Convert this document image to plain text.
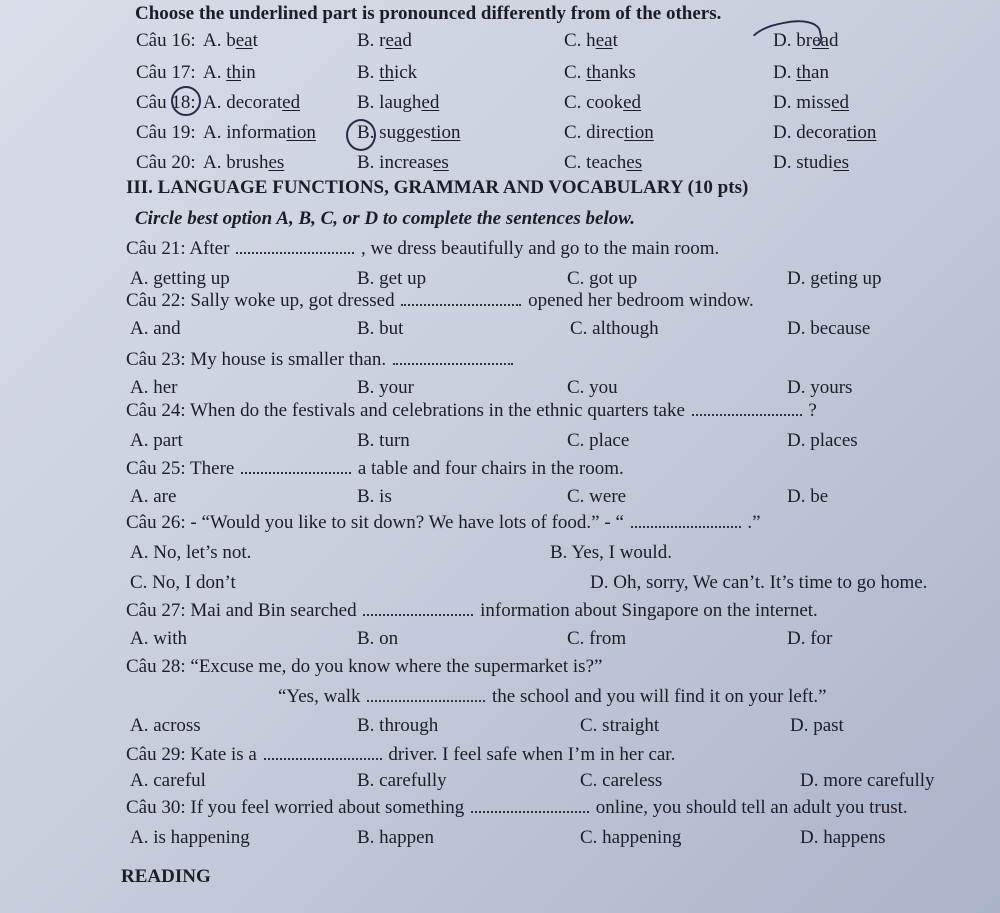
Choose the underlined part is pronounced differently from of the others.
Câu 16: A. beat	B. read	C. heat	D. bread
Câu 17: A. thin	B. thick	C. thanks	D. than
Câu 18: A. decorated	B. laughed	C. cooked	D. missed
Câu 19: A. information B. suggestion	C. direction	D. decoration
Câu 20: A. brushes	B. increases	C. teaches	D. studies
III. LANGUAGE FUNCTIONS, GRAMMAR AND VOCABULARY (10 pts)
Circle best option A, B, C, or D to complete the sentences below.
Câu 21: After	, we dress beautifully and go to the main room.
A. getting up	B. get up	C. got up	D. geting up
Câu 22: Sally woke up, got dressed	opened her bedroom window.
A. and	B. but	C. although	D. because
Câu 23: My house is smaller than.
A. her	B. your	C. you	D. yours
Câu 24: When do the festivals and celebrations in the ethnic quarters take	?
A. part	B. turn	C. place	D. places
Câu 25: There	a table and four chairs in the room.
A. are	B. is	C. were	D. be
Câu 26: - “Would you like to sit down? We have lots of food.” - “	.”
A. No, let’s not.	B. Yes, I would.
C. No, I don’t	D. Oh, sorry, We can’t. It’s time to go home.
Câu 27: Mai and Bin searched	information about Singapore on the internet.
A. with	B. on	C. from	D. for
Câu 28: “Excuse me, do you know where the supermarket is?”
“Yes, walk	the school and you will find it on your left.”
A. across	B. through	C. straight	D. past
Câu 29: Kate is a	driver. I feel safe when I’m in her car.
A. careful	B. carefully	C. careless	D. more carefully
Câu 30: If you feel worried about something	online, you should tell an adult you trust.
A. is happening	B. happen	C. happening	D. happens
READING
